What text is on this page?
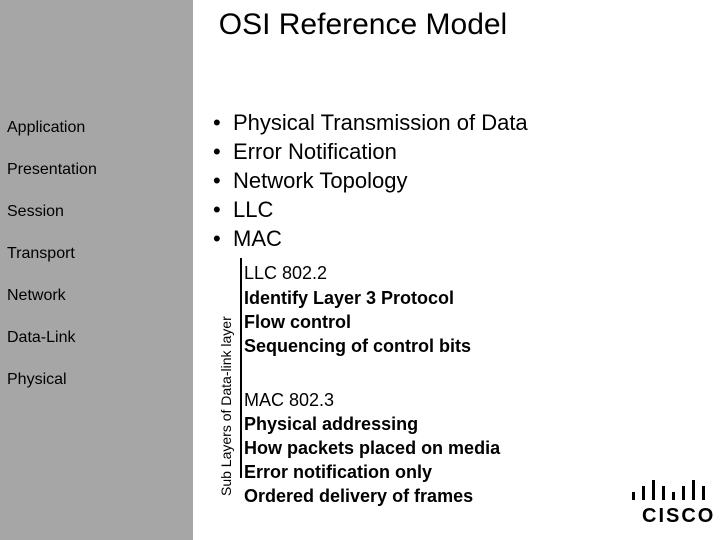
OSI Reference Model
Application
Presentation
Session
Transport
Network
Data-Link
Physical
• Physical Transmission of Data
• Error Notification
• Network Topology
• LLC
• MAC
Sub Layers of Data-link layer
LLC 802.2
Identify Layer 3 Protocol
Flow control
Sequencing of control bits
MAC 802.3
Physical addressing
How packets placed on media
Error notification only
Ordered delivery of frames
CISCO
